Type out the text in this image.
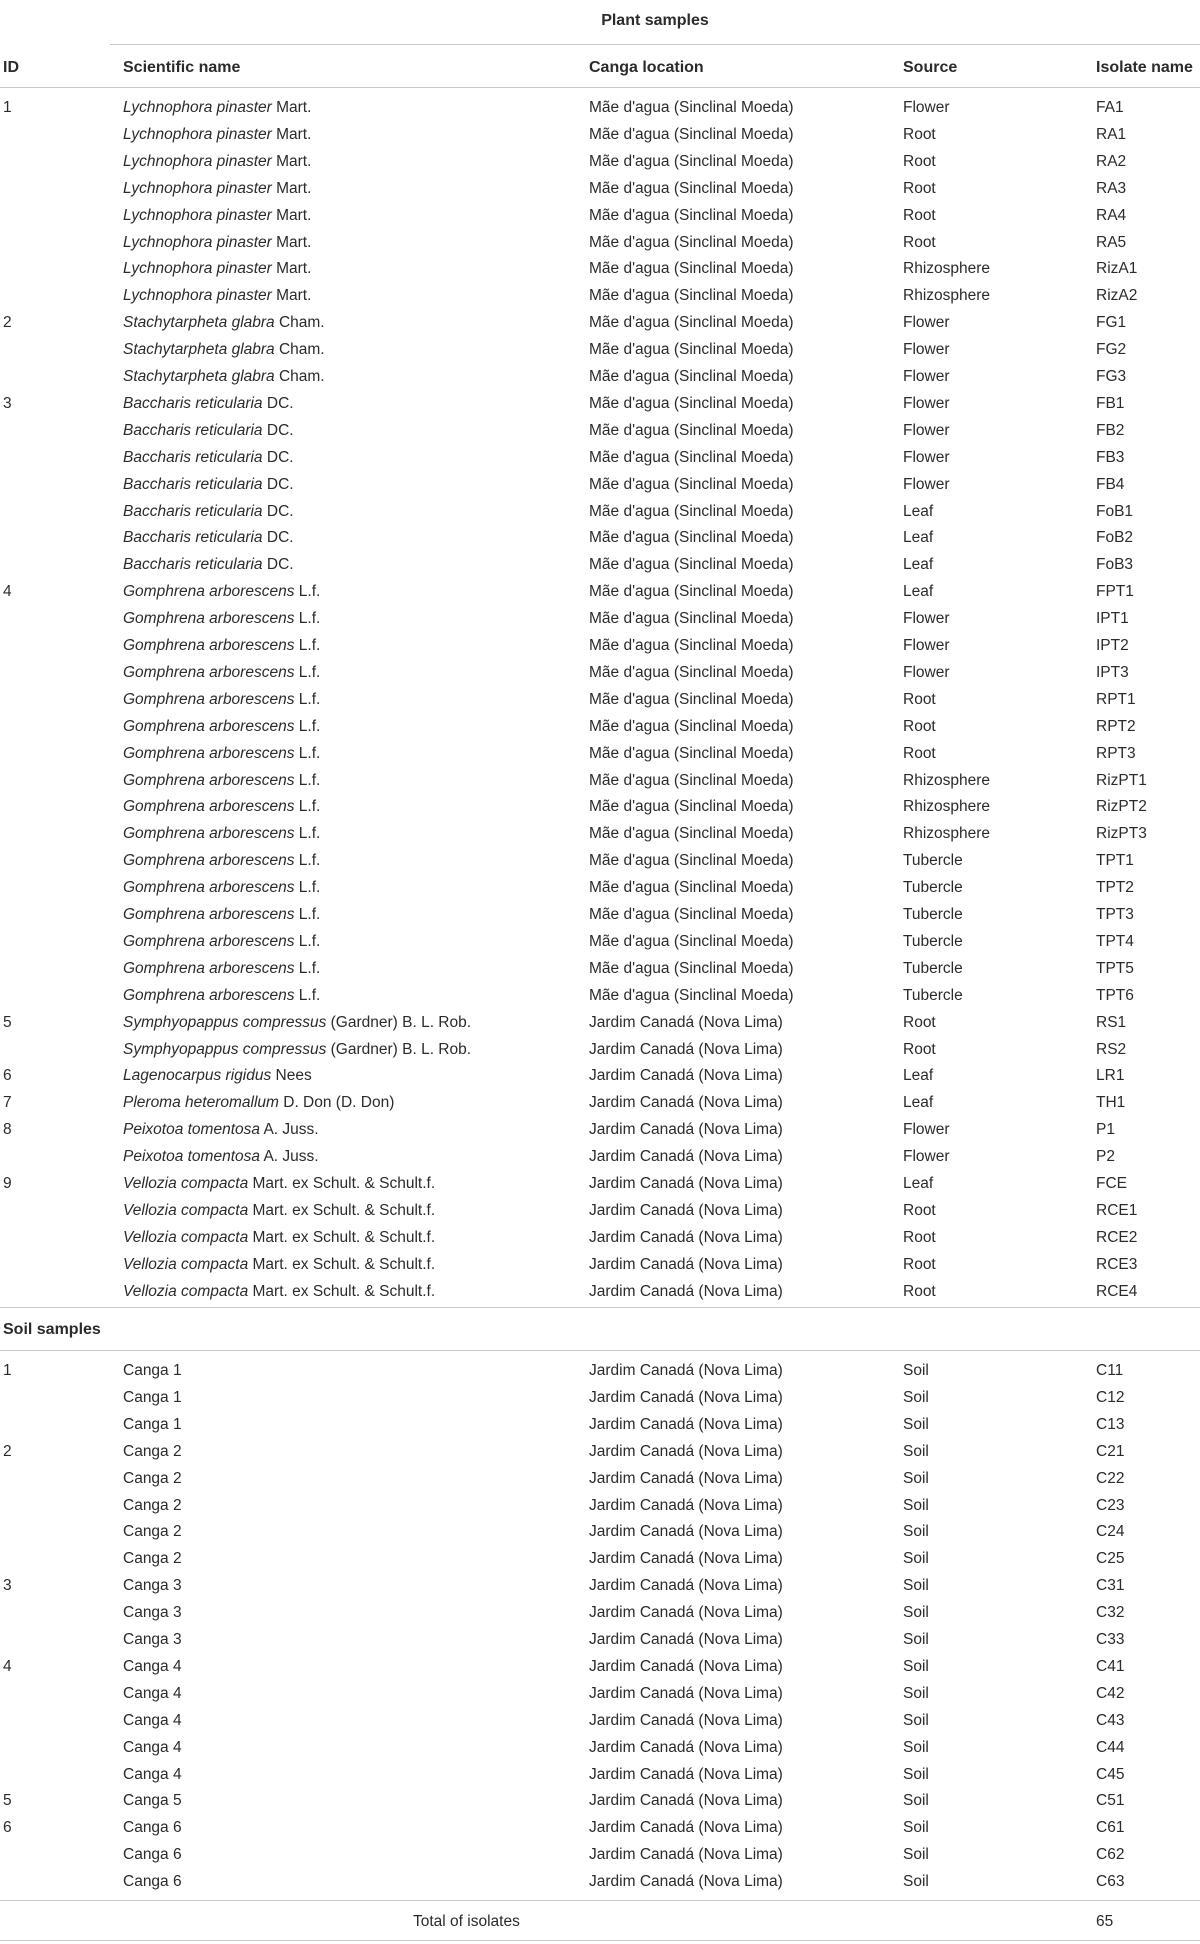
Plant samples
ID	Scientific name	Canga location	Source	Isolate name
1	Lychnophora pinaster Mart.	Mãe d'agua (Sinclinal Moeda)	Flower	FA1
Lychnophora pinaster Mart.	Mãe d'agua (Sinclinal Moeda)	Root	RA1
Lychnophora pinaster Mart.	Mãe d'agua (Sinclinal Moeda)	Root	RA2
Lychnophora pinaster Mart.	Mãe d'agua (Sinclinal Moeda)	Root	RA3
Lychnophora pinaster Mart.	Mãe d'agua (Sinclinal Moeda)	Root	RA4
Lychnophora pinaster Mart.	Mãe d'agua (Sinclinal Moeda)	Root	RA5
Lychnophora pinaster Mart.	Mãe d'agua (Sinclinal Moeda)	Rhizosphere	RizA1
Lychnophora pinaster Mart.	Mãe d'agua (Sinclinal Moeda)	Rhizosphere	RizA2
2	Stachytarpheta glabra Cham.	Mãe d'agua (Sinclinal Moeda)	Flower	FG1
Stachytarpheta glabra Cham.	Mãe d'agua (Sinclinal Moeda)	Flower	FG2
Stachytarpheta glabra Cham.	Mãe d'agua (Sinclinal Moeda)	Flower	FG3
3	Baccharis reticularia DC.	Mãe d'agua (Sinclinal Moeda)	Flower	FB1
Baccharis reticularia DC.	Mãe d'agua (Sinclinal Moeda)	Flower	FB2
Baccharis reticularia DC.	Mãe d'agua (Sinclinal Moeda)	Flower	FB3
Baccharis reticularia DC.	Mãe d'agua (Sinclinal Moeda)	Flower	FB4
Baccharis reticularia DC.	Mãe d'agua (Sinclinal Moeda)	Leaf	FoB1
Baccharis reticularia DC.	Mãe d'agua (Sinclinal Moeda)	Leaf	FoB2
Baccharis reticularia DC.	Mãe d'agua (Sinclinal Moeda)	Leaf	FoB3
4	Gomphrena arborescens L.f.	Mãe d'agua (Sinclinal Moeda)	Leaf	FPT1
Gomphrena arborescens L.f.	Mãe d'agua (Sinclinal Moeda)	Flower	IPT1
Gomphrena arborescens L.f.	Mãe d'agua (Sinclinal Moeda)	Flower	IPT2
Gomphrena arborescens L.f.	Mãe d'agua (Sinclinal Moeda)	Flower	IPT3
Gomphrena arborescens L.f.	Mãe d'agua (Sinclinal Moeda)	Root	RPT1
Gomphrena arborescens L.f.	Mãe d'agua (Sinclinal Moeda)	Root	RPT2
Gomphrena arborescens L.f.	Mãe d'agua (Sinclinal Moeda)	Root	RPT3
Gomphrena arborescens L.f.	Mãe d'agua (Sinclinal Moeda)	Rhizosphere	RizPT1
Gomphrena arborescens L.f.	Mãe d'agua (Sinclinal Moeda)	Rhizosphere	RizPT2
Gomphrena arborescens L.f.	Mãe d'agua (Sinclinal Moeda)	Rhizosphere	RizPT3
Gomphrena arborescens L.f.	Mãe d'agua (Sinclinal Moeda)	Tubercle	TPT1
Gomphrena arborescens L.f.	Mãe d'agua (Sinclinal Moeda)	Tubercle	TPT2
Gomphrena arborescens L.f.	Mãe d'agua (Sinclinal Moeda)	Tubercle	TPT3
Gomphrena arborescens L.f.	Mãe d'agua (Sinclinal Moeda)	Tubercle	TPT4
Gomphrena arborescens L.f.	Mãe d'agua (Sinclinal Moeda)	Tubercle	TPT5
Gomphrena arborescens L.f.	Mãe d'agua (Sinclinal Moeda)	Tubercle	TPT6
5	Symphyopappus compressus (Gardner) B. L. Rob.	Jardim Canadá (Nova Lima)	Root	RS1
Symphyopappus compressus (Gardner) B. L. Rob.	Jardim Canadá (Nova Lima)	Root	RS2
6	Lagenocarpus rigidus Nees	Jardim Canadá (Nova Lima)	Leaf	LR1
7	Pleroma heteromallum D. Don (D. Don)	Jardim Canadá (Nova Lima)	Leaf	TH1
8	Peixotoa tomentosa A. Juss.	Jardim Canadá (Nova Lima)	Flower	P1
Peixotoa tomentosa A. Juss.	Jardim Canadá (Nova Lima)	Flower	P2
9	Vellozia compacta Mart. ex Schult. & Schult.f.	Jardim Canadá (Nova Lima)	Leaf	FCE
Vellozia compacta Mart. ex Schult. & Schult.f.	Jardim Canadá (Nova Lima)	Root	RCE1
Vellozia compacta Mart. ex Schult. & Schult.f.	Jardim Canadá (Nova Lima)	Root	RCE2
Vellozia compacta Mart. ex Schult. & Schult.f.	Jardim Canadá (Nova Lima)	Root	RCE3
Vellozia compacta Mart. ex Schult. & Schult.f.	Jardim Canadá (Nova Lima)	Root	RCE4
Soil samples
1	Canga 1	Jardim Canadá (Nova Lima)	Soil	C11
Canga 1	Jardim Canadá (Nova Lima)	Soil	C12
Canga 1	Jardim Canadá (Nova Lima)	Soil	C13
2	Canga 2	Jardim Canadá (Nova Lima)	Soil	C21
Canga 2	Jardim Canadá (Nova Lima)	Soil	C22
Canga 2	Jardim Canadá (Nova Lima)	Soil	C23
Canga 2	Jardim Canadá (Nova Lima)	Soil	C24
Canga 2	Jardim Canadá (Nova Lima)	Soil	C25
3	Canga 3	Jardim Canadá (Nova Lima)	Soil	C31
Canga 3	Jardim Canadá (Nova Lima)	Soil	C32
Canga 3	Jardim Canadá (Nova Lima)	Soil	C33
4	Canga 4	Jardim Canadá (Nova Lima)	Soil	C41
Canga 4	Jardim Canadá (Nova Lima)	Soil	C42
Canga 4	Jardim Canadá (Nova Lima)	Soil	C43
Canga 4	Jardim Canadá (Nova Lima)	Soil	C44
Canga 4	Jardim Canadá (Nova Lima)	Soil	C45
5	Canga 5	Jardim Canadá (Nova Lima)	Soil	C51
6	Canga 6	Jardim Canadá (Nova Lima)	Soil	C61
Canga 6	Jardim Canadá (Nova Lima)	Soil	C62
Canga 6	Jardim Canadá (Nova Lima)	Soil	C63
Total of isolates	65
